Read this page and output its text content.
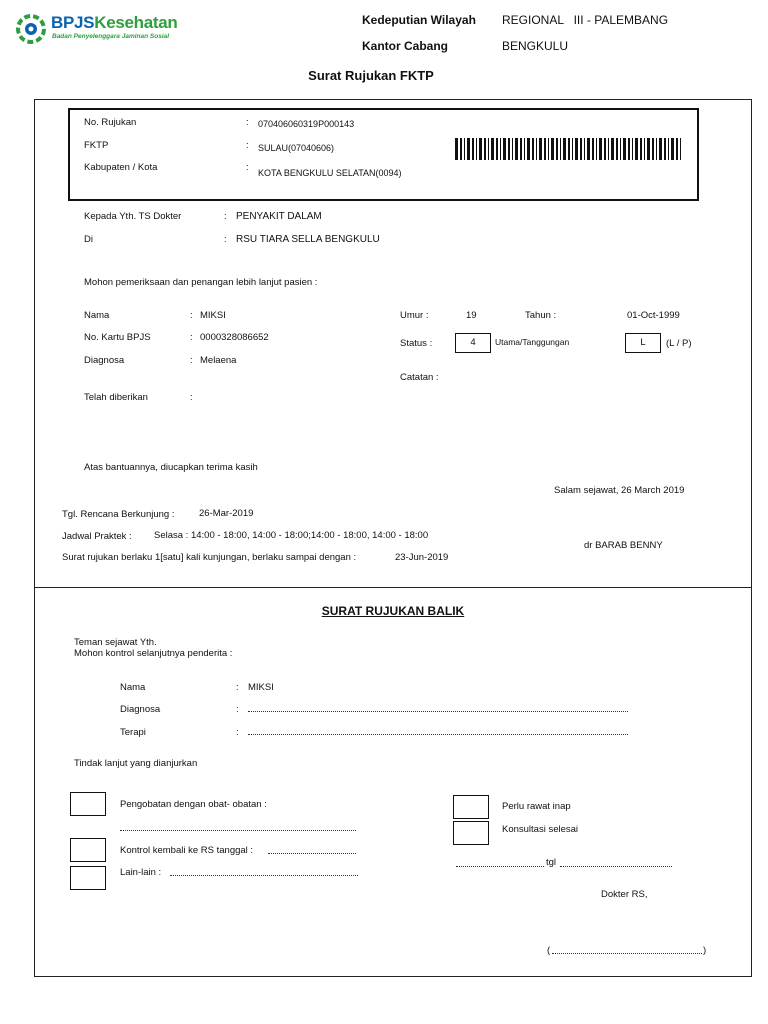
BPJSKesehatan
Badan Penyelenggara Jaminan Sosial
Kedeputian Wilayah REGIONAL   III - PALEMBANG
Kantor Cabang	BENGKULU
Surat Rujukan FKTP
No. Rujukan	: 070406060319P000143
FKTP	: SULAU(07040606)
Kabupaten / Kota	: KOTA BENGKULU SELATAN(0094)
Kepada Yth. TS Dokter	: PENYAKIT DALAM
Di	: RSU TIARA SELLA BENGKULU
Mohon pemeriksaan dan penangan lebih lanjut pasien :
Nama	: MIKSI
No. Kartu BPJS	: 0000328086652
Diagnosa	: Melaena
Telah diberikan	:
Umur :	19	Tahun :	01-Oct-1999
Status :	4	Utama/Tanggungan	L	(L / P)
Catatan :
Atas bantuannya, diucapkan terima kasih
Salam sejawat, 26 March 2019
Tgl. Rencana Berkunjung :	26-Mar-2019
Jadwal Praktek : Selasa : 14:00 - 18:00, 14:00 - 18:00;14:00 - 18:00, 14:00 - 18:00
Surat rujukan berlaku 1[satu] kali kunjungan, berlaku sampai dengan :	23-Jun-2019
dr BARAB BENNY
SURAT RUJUKAN BALIK
Teman sejawat Yth.
Mohon kontrol selanjutnya penderita :
Nama	: MIKSI
Diagnosa	:
Terapi	:
Tindak lanjut yang dianjurkan
Pengobatan dengan obat- obatan :
Kontrol kembali ke RS tanggal :
Lain-lain :
Perlu rawat inap
Konsultasi selesai
tgl
Dokter RS,
(	)
